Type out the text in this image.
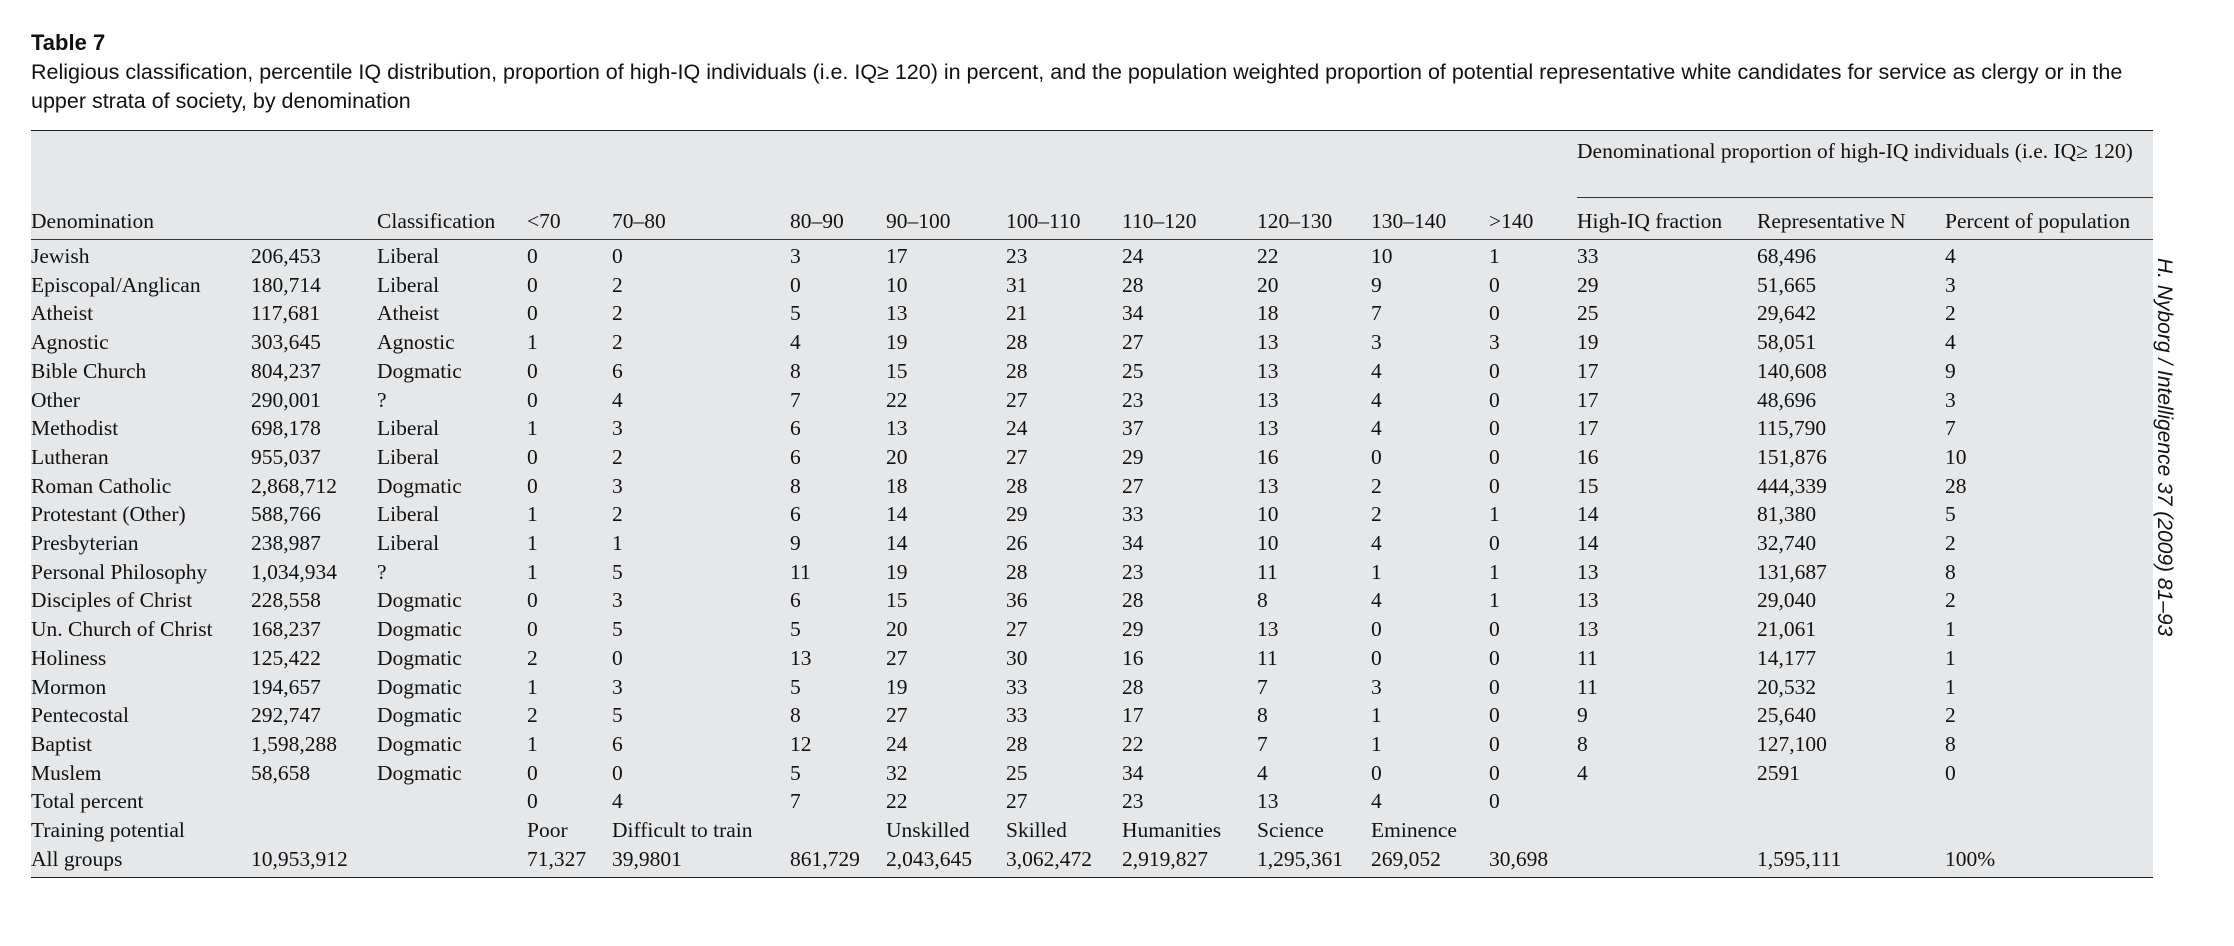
Table 7
Religious classification, percentile IQ distribution, proportion of high-IQ individuals (i.e. IQ≥ 120) in percent, and the population weighted proportion of potential representative white candidates for service as clergy or in the upper strata of society, by denomination
												Denominational proportion of high-IQ individuals (i.e. IQ≥ 120)		
Denomination		Classification	<70	70–80	80–90	90–100	100–110	110–120	120–130	130–140	>140	High-IQ fraction	Representative N	Percent of population
Jewish	206,453	Liberal	0	0	3	17	23	24	22	10	1	33	68,496	4
Episcopal/Anglican	180,714	Liberal	0	2	0	10	31	28	20	9	0	29	51,665	3
Atheist	117,681	Atheist	0	2	5	13	21	34	18	7	0	25	29,642	2
Agnostic	303,645	Agnostic	1	2	4	19	28	27	13	3	3	19	58,051	4
Bible Church	804,237	Dogmatic	0	6	8	15	28	25	13	4	0	17	140,608	9
Other	290,001	?	0	4	7	22	27	23	13	4	0	17	48,696	3
Methodist	698,178	Liberal	1	3	6	13	24	37	13	4	0	17	115,790	7
Lutheran	955,037	Liberal	0	2	6	20	27	29	16	0	0	16	151,876	10
Roman Catholic	2,868,712	Dogmatic	0	3	8	18	28	27	13	2	0	15	444,339	28
Protestant (Other)	588,766	Liberal	1	2	6	14	29	33	10	2	1	14	81,380	5
Presbyterian	238,987	Liberal	1	1	9	14	26	34	10	4	0	14	32,740	2
Personal Philosophy	1,034,934	?	1	5	11	19	28	23	11	1	1	13	131,687	8
Disciples of Christ	228,558	Dogmatic	0	3	6	15	36	28	8	4	1	13	29,040	2
Un. Church of Christ	168,237	Dogmatic	0	5	5	20	27	29	13	0	0	13	21,061	1
Holiness	125,422	Dogmatic	2	0	13	27	30	16	11	0	0	11	14,177	1
Mormon	194,657	Dogmatic	1	3	5	19	33	28	7	3	0	11	20,532	1
Pentecostal	292,747	Dogmatic	2	5	8	27	33	17	8	1	0	9	25,640	2
Baptist	1,598,288	Dogmatic	1	6	12	24	28	22	7	1	0	8	127,100	8
Muslem	58,658	Dogmatic	0	0	5	32	25	34	4	0	0	4	2591	0
Total percent			0	4	7	22	27	23	13	4	0			
Training potential			Poor	Difficult to train		Unskilled	Skilled	Humanities	Science	Eminence				
All groups	10,953,912		71,327	39,9801	861,729	2,043,645	3,062,472	2,919,827	1,295,361	269,052	30,698		1,595,111	100%
H. Nyborg / Intelligence 37 (2009) 81–93
